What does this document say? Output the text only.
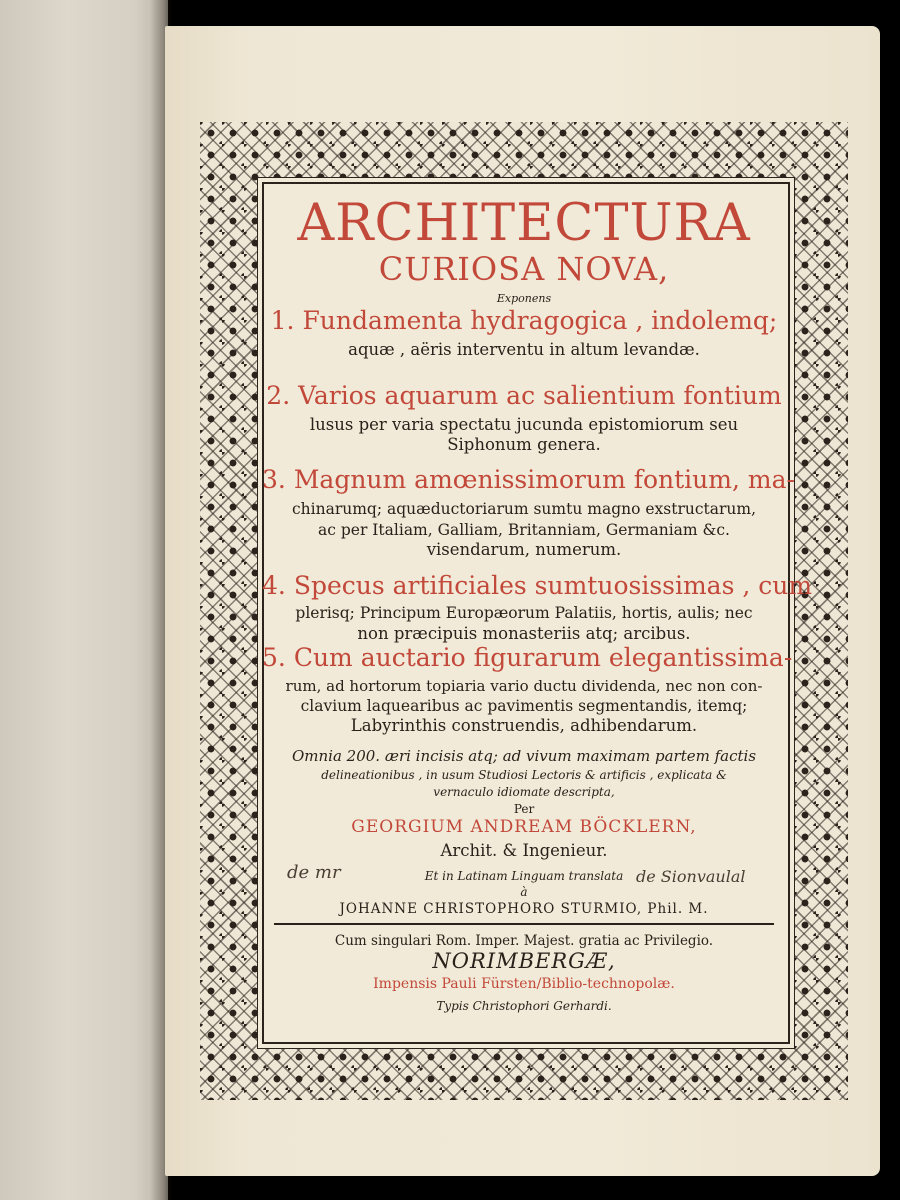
ARCHITECTURA
CURIOSA NOVA,
Exponens
1. Fundamenta hydragogica , indolemq;
aquæ , aëris interventu in altum levandæ.
2. Varios aquarum ac salientium fontium
lusus per varia spectatu jucunda epistomiorum seu
Siphonum genera.
3. Magnum amœnissimorum fontium, ma-
chinarumq; aquæductoriarum sumtu magno exstructarum,
ac per Italiam, Galliam, Britanniam, Germaniam &c.
visendarum, numerum.
4. Specus artificiales sumtuosissimas , cum
plerisq; Principum Europæorum Palatiis, hortis, aulis; nec
non præcipuis monasteriis atq; arcibus.
5. Cum auctario figurarum elegantissima-
rum, ad hortorum topiaria vario ductu dividenda, nec non con-
clavium laquearibus ac pavimentis segmentandis, itemq;
Labyrinthis construendis, adhibendarum.
Omnia 200. æri incisis atq; ad vivum maximam partem factis
delineationibus , in usum Studiosi Lectoris & artificis , explicata &
vernaculo idiomate descripta,
Per
GEORGIUM ANDREAM BÖCKLERN,
Archit. & Ingenieur.
Et in Latinam Linguam translata
à
JOHANNE CHRISTOPHORO STURMIO, Phil. M.
Cum singulari Rom. Imper. Majest. gratia ac Privilegio.
NORIMBERGÆ,
Impensis Pauli Fürsten/Biblio-technopolæ.
Typis Christophori Gerhardi.
de mr	de Sionvaulal
